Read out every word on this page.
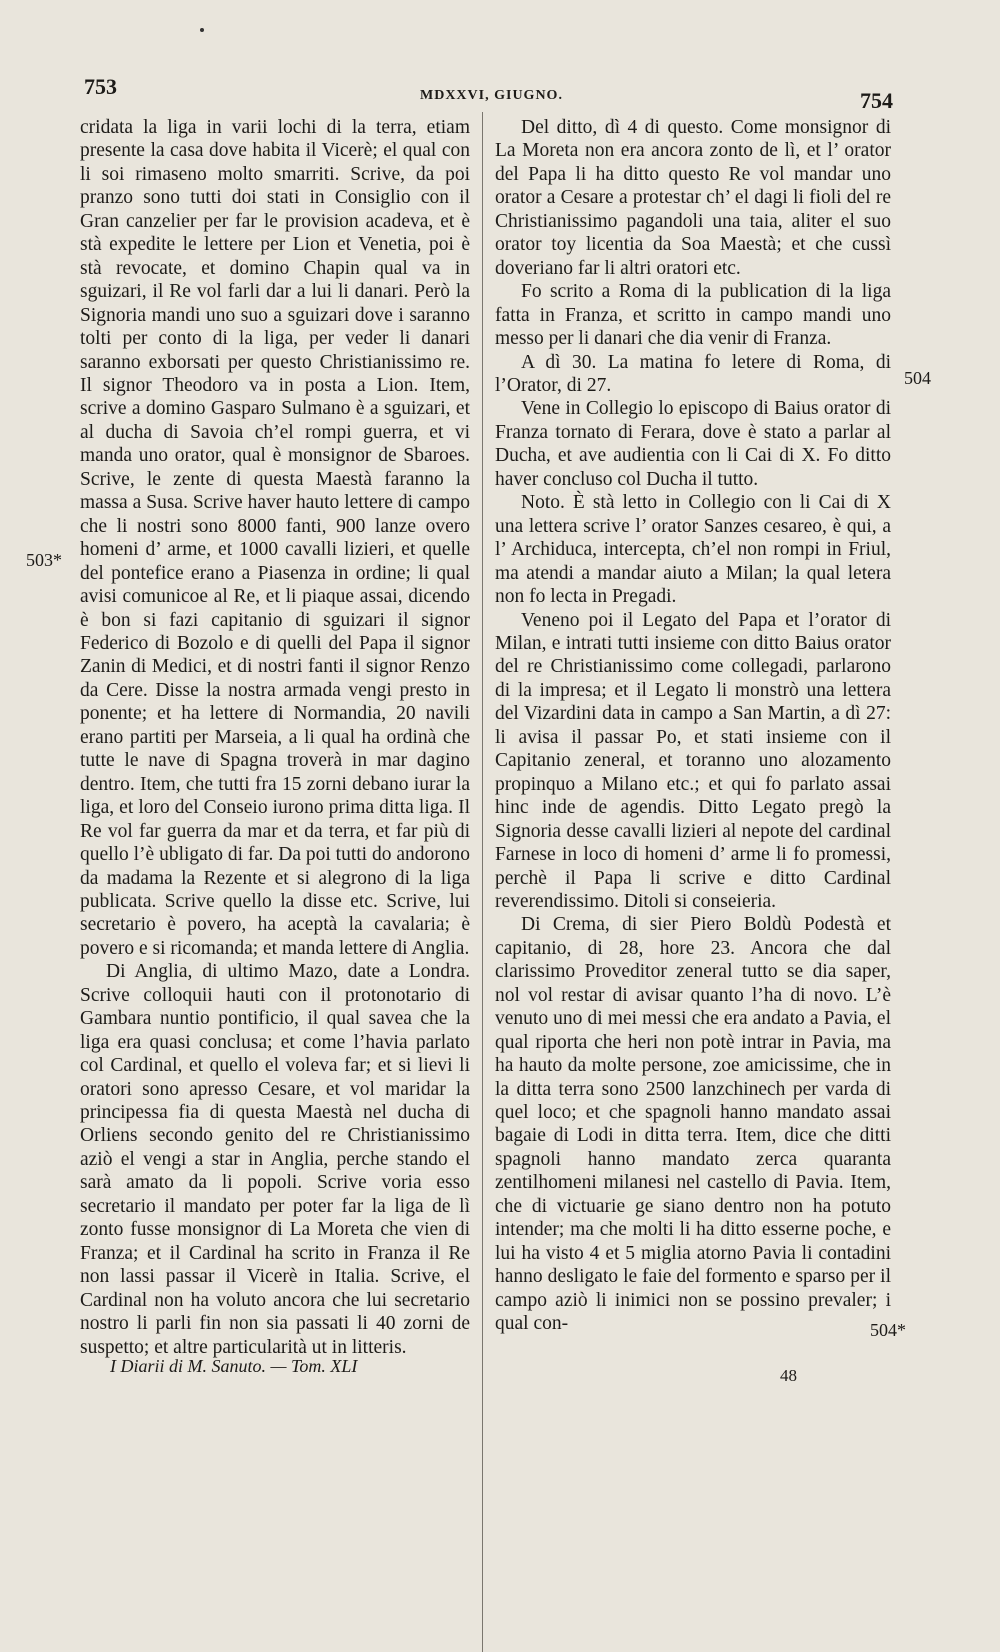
753	MDXXVI, GIUGNO.	754

cridata la liga in varii lochi di la terra, etiam presente la casa dove habita il Vicerè; el qual con li soi rimaseno molto smarriti. Scrive, da poi pranzo sono tutti doi stati in Consiglio con il Gran canzelier per far le provision acadeva, et è stà expedite le lettere per Lion et Venetia, poi è stà revocate, et domino Chapin qual va in sguizari, il Re vol farli dar a lui li danari. Però la Signoria mandi uno suo a sguizari dove i saranno tolti per conto di la liga, per veder li danari saranno exborsati per questo Christianissimo re. Il signor Theodoro va in posta a Lion. Item, scrive a domino Gasparo Sulmano è a sguizari, et al ducha di Savoia ch’el rompi guerra, et vi manda uno orator, qual è monsignor de Sbaroes. Scrive, le zente di questa Maestà faranno la massa a Susa. Scrive haver hauto lettere di campo che li nostri sono 8000 fanti, 900 lanze overo homeni d’ arme, et 1000 cavalli lizieri, et quelle del pontefice erano a Piasenza in ordine; li qual avisi comunicoe al Re, et li piaque assai, dicendo è bon si fazi capitanio di sguizari il signor Federico di Bozolo e di quelli del Papa il signor Zanin di Medici, et di nostri fanti il signor Renzo da Cere. Disse la nostra armada vengi presto in ponente; et ha lettere di Normandia, 20 navili erano partiti per Marseia, a li qual ha ordinà che tutte le nave di Spagna troverà in mar dagino dentro. Item, che tutti fra 15 zorni debano iurar la liga, et loro del Conseio iurono prima ditta liga. Il Re vol far guerra da mar et da terra, et far più di quello l’è ubligato di far. Da poi tutti do andorono da madama la Rezente et si alegrono di la liga publicata. Scrive quello la disse etc. Scrive, lui secretario è povero, ha aceptà la cavalaria; è povero e si ricomanda; et manda lettere di Anglia.

Di Anglia, di ultimo Mazo, date a Londra. Scrive colloquii hauti con il protonotario di Gambara nuntio pontificio, il qual savea che la liga era quasi conclusa; et come l’havia parlato col Cardinal, et quello el voleva far; et si lievi li oratori sono apresso Cesare, et vol maridar la principessa fia di questa Maestà nel ducha di Orliens secondo genito del re Christianissimo aziò el vengi a star in Anglia, perche stando el sarà amato da li popoli. Scrive voria esso secretario il mandato per poter far la liga de lì zonto fusse monsignor di La Moreta che vien di Franza; et il Cardinal ha scrito in Franza il Re non lassi passar il Vicerè in Italia. Scrive, el Cardinal non ha voluto ancora che lui secretario nostro li parli fin non sia passati li 40 zorni de suspetto; et altre particularità ut in litteris.

Del ditto, dì 4 di questo. Come monsignor di La Moreta non era ancora zonto de lì, et l’ orator del Papa li ha ditto questo Re vol mandar uno orator a Cesare a protestar ch’ el dagi li fioli del re Christianissimo pagandoli una taia, aliter el suo orator toy licentia da Soa Maestà; et che cussì doveriano far li altri oratori etc.

Fo scrito a Roma di la publication di la liga fatta in Franza, et scritto in campo mandi uno messo per li danari che dia venir di Franza.

A dì 30. La matina fo letere di Roma, di l’Orator, di 27.

Vene in Collegio lo episcopo di Baius orator di Franza tornato di Ferara, dove è stato a parlar al Ducha, et ave audientia con li Cai di X. Fo ditto haver concluso col Ducha il tutto.

Noto. È stà letto in Collegio con li Cai di X una lettera scrive l’ orator Sanzes cesareo, è qui, a l’ Archiduca, intercepta, ch’el non rompi in Friul, ma atendi a mandar aiuto a Milan; la qual letera non fo lecta in Pregadi.

Veneno poi il Legato del Papa et l’orator di Milan, e intrati tutti insieme con ditto Baius orator del re Christianissimo come collegadi, parlarono di la impresa; et il Legato li monstrò una lettera del Vizardini data in campo a San Martin, a dì 27: li avisa il passar Po, et stati insieme con il Capitanio zeneral, et toranno uno alozamento propinquo a Milano etc.; et qui fo parlato assai hinc inde de agendis. Ditto Legato pregò la Signoria desse cavalli lizieri al nepote del cardinal Farnese in loco di homeni d’ arme li fo promessi, perchè il Papa li scrive e ditto Cardinal reverendissimo. Ditoli si conseieria.

Di Crema, di sier Piero Boldù Podestà et capitanio, di 28, hore 23. Ancora che dal clarissimo Proveditor zeneral tutto se dia saper, nol vol restar di avisar quanto l’ha di novo. L’è venuto uno di mei messi che era andato a Pavia, el qual riporta che heri non potè intrar in Pavia, ma ha hauto da molte persone, zoe amicissime, che in la ditta terra sono 2500 lanzchinech per varda di quel loco; et che spagnoli hanno mandato assai bagaie di Lodi in ditta terra. Item, dice che ditti spagnoli hanno mandato zerca quaranta zentilhomeni milanesi nel castello di Pavia. Item, che di victuarie ge siano dentro non ha potuto intender; ma che molti li ha ditto esserne poche, e lui ha visto 4 et 5 miglia atorno Pavia li contadini hanno desligato le faie del formento e sparso per il campo aziò li inimici non se possino prevaler; i qual con-

503*
504
504*
I Diarii di M. Sanuto. — Tom. XLI	48
